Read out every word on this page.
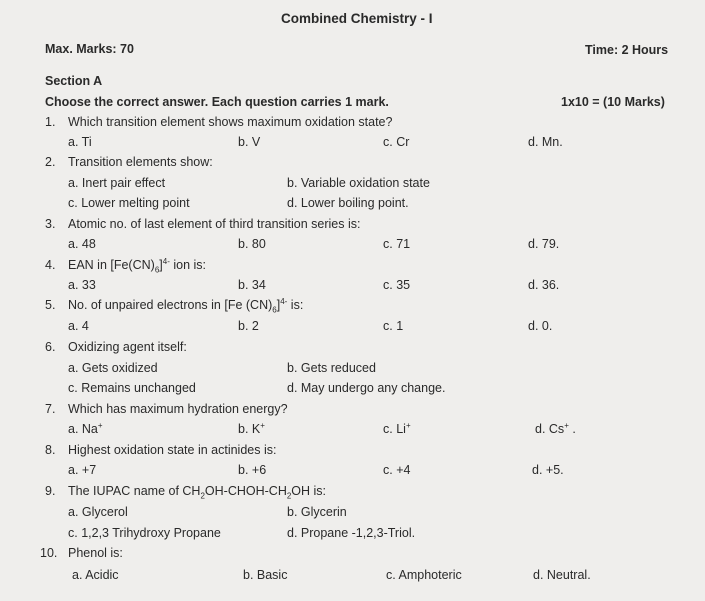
Combined Chemistry - I
Max. Marks: 70	Time: 2 Hours
Section A
Choose the correct answer. Each question carries 1 mark.	1x10 = (10 Marks)
1. Which transition element shows maximum oxidation state?
a. Ti	b. V	c. Cr	d. Mn.
2. Transition elements show:
a. Inert pair effect	b. Variable oxidation state
c. Lower melting point	d. Lower boiling point.
3. Atomic no. of last element of third transition series is:
a. 48	b. 80	c. 71	d. 79.
4. EAN in $[Fe(CN)_6]^{4-}$ ion is:
a. 33	b. 34	c. 35	d. 36.
5. No. of unpaired electrons in [Fe $(CN)_6]^{4-}$ is:
a. 4	b. 2	c. 1	d. 0.
6. Oxidizing agent itself:
a. Gets oxidized	b. Gets reduced
c. Remains unchanged	d. May undergo any change.
7. Which has maximum hydration energy?
a. Na+	b. K+	c. Li+	d. Cs+ .
8. Highest oxidation state in actinides is:
a. +7	b. +6	c. +4	d. +5.
9. The IUPAC name of $CH_2OH-CHOH-CH_2OH$ is:
a. Glycerol	b. Glycerin
c. 1,2,3 Trihydroxy Propane	d. Propane -1,2,3-Triol.
10. Phenol is:
a. Acidic	b. Basic	c. Amphoteric	d. Neutral.
